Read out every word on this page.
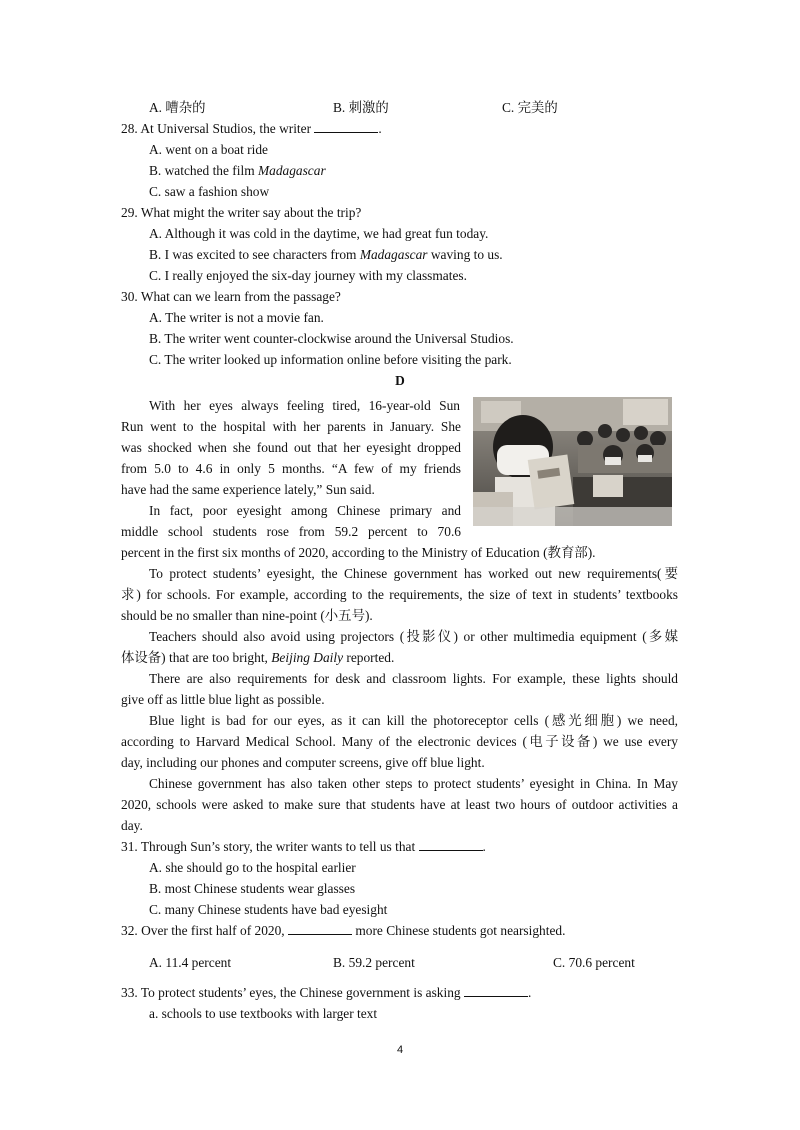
A. 嘈杂的	B. 刺激的	C. 完美的
28. At Universal Studios, the writer	.
A. went on a boat ride
B. watched the film Madagascar
C. saw a fashion show
29. What might the writer say about the trip?
A. Although it was cold in the daytime, we had great fun today.
B. I was excited to see characters from Madagascar waving to us.
C. I really enjoyed the six-day journey with my classmates.
30. What can we learn from the passage?
A. The writer is not a movie fan.
B. The writer went counter-clockwise around the Universal Studios.
C. The writer looked up information online before visiting the park.
D
With her eyes always feeling tired, 16-year-old Sun
Run went to the hospital with her parents in January. She
was shocked when she found out that her eyesight dropped
from 5.0 to 4.6 in only 5 months. “A few of my friends
have had the same experience lately,” Sun said.
In fact, poor eyesight among Chinese primary and
middle school students rose from 59.2 percent to 70.6
percent in the first six months of 2020, according to the Ministry of Education (教育部).
To protect students’ eyesight, the Chinese government has worked out new requirements(要
求) for schools. For example, according to the requirements, the size of text in students’ textbooks
should be no smaller than nine-point (小五号).
Teachers should also avoid using projectors (投影仪) or other multimedia equipment (多媒
体设备) that are too bright, Beijing Daily reported.
There are also requirements for desk and classroom lights. For example, these lights should
give off as little blue light as possible.
Blue light is bad for our eyes, as it can kill the photoreceptor cells (感光细胞) we need,
according to Harvard Medical School. Many of the electronic devices (电子设备) we use every
day, including our phones and computer screens, give off blue light.
Chinese government has also taken other steps to protect students’ eyesight in China. In May
2020, schools were asked to make sure that students have at least two hours of outdoor activities a
day.
31. Through Sun’s story, the writer wants to tell us that	.
A. she should go to the hospital earlier
B. most Chinese students wear glasses
C. many Chinese students have bad eyesight
32. Over the first half of 2020,	more Chinese students got nearsighted.
A. 11.4 percent	B. 59.2 percent	C. 70.6 percent
33. To protect students’ eyes, the Chinese government is asking	.
a. schools to use textbooks with larger text
4
